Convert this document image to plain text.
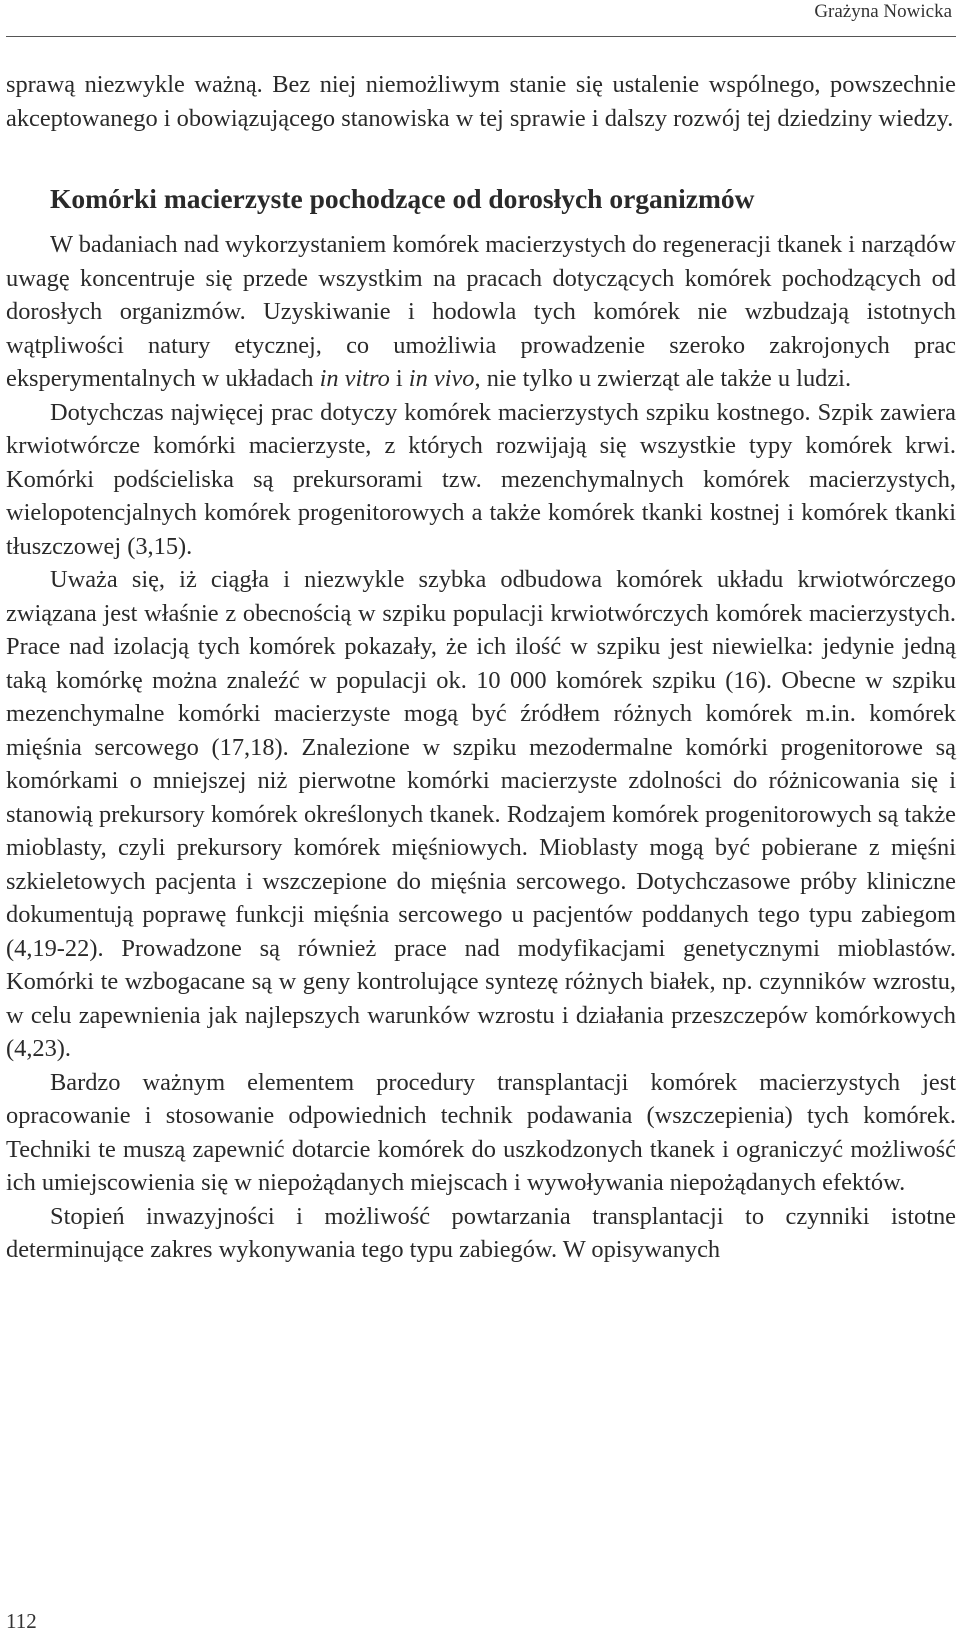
Grażyna Nowicka

sprawą niezwykle ważną. Bez niej niemożliwym stanie się ustalenie wspólnego, powszechnie akceptowanego i obowiązującego stanowiska w tej sprawie i dalszy rozwój tej dziedziny wiedzy.

Komórki macierzyste pochodzące od dorosłych organizmów

W badaniach nad wykorzystaniem komórek macierzystych do regeneracji tkanek i narządów uwagę koncentruje się przede wszystkim na pracach dotyczących komórek pochodzących od dorosłych organizmów. Uzyskiwanie i hodowla tych komórek nie wzbudzają istotnych wątpliwości natury etycznej, co umożliwia prowadzenie szeroko zakrojonych prac eksperymentalnych w układach in vitro i in vivo, nie tylko u zwierząt ale także u ludzi.

Dotychczas najwięcej prac dotyczy komórek macierzystych szpiku kostnego. Szpik zawiera krwiotwórcze komórki macierzyste, z których rozwijają się wszystkie typy komórek krwi. Komórki podścieliska są prekursorami tzw. mezenchymalnych komórek macierzystych, wielopotencjalnych komórek progenitorowych a także komórek tkanki kostnej i komórek tkanki tłuszczowej (3,15).

Uważa się, iż ciągła i niezwykle szybka odbudowa komórek układu krwiotwórczego związana jest właśnie z obecnością w szpiku populacji krwiotwórczych komórek macierzystych. Prace nad izolacją tych komórek pokazały, że ich ilość w szpiku jest niewielka: jedynie jedną taką komórkę można znaleźć w populacji ok. 10 000 komórek szpiku (16). Obecne w szpiku mezenchymalne komórki macierzyste mogą być źródłem różnych komórek m.in. komórek mięśnia sercowego (17,18). Znalezione w szpiku mezodermalne komórki progenitorowe są komórkami o mniejszej niż pierwotne komórki macierzyste zdolności do różnicowania się i stanowią prekursory komórek określonych tkanek. Rodzajem komórek progenitorowych są także mioblasty, czyli prekursory komórek mięśniowych. Mioblasty mogą być pobierane z mięśni szkieletowych pacjenta i wszczepione do mięśnia sercowego. Dotychczasowe próby kliniczne dokumentują poprawę funkcji mięśnia sercowego u pacjentów poddanych tego typu zabiegom (4,19-22). Prowadzone są również prace nad modyfikacjami genetycznymi mioblastów. Komórki te wzbogacane są w geny kontrolujące syntezę różnych białek, np. czynników wzrostu, w celu zapewnienia jak najlepszych warunków wzrostu i działania przeszczepów komórkowych (4,23).

Bardzo ważnym elementem procedury transplantacji komórek macierzystych jest opracowanie i stosowanie odpowiednich technik podawania (wszczepienia) tych komórek. Techniki te muszą zapewnić dotarcie komórek do uszkodzonych tkanek i ograniczyć możliwość ich umiejscowienia się w niepożądanych miejscach i wywoływania niepożądanych efektów.

Stopień inwazyjności i możliwość powtarzania transplantacji to czynniki istotne determinujące zakres wykonywania tego typu zabiegów. W opisywanych

112
